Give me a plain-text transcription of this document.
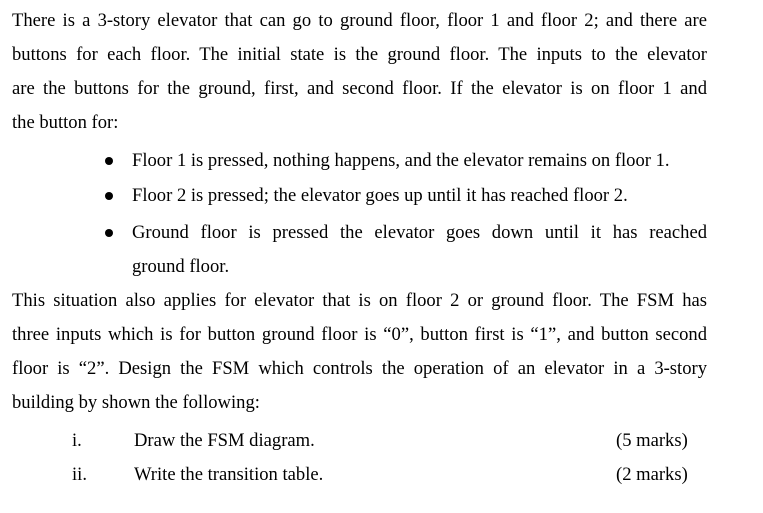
There is a 3-story elevator that can go to ground floor, floor 1 and floor 2; and there are
buttons for each floor. The initial state is the ground floor. The inputs to the elevator
are the buttons for the ground, first, and second floor. If the elevator is on floor 1 and
the button for:
Floor 1 is pressed, nothing happens, and the elevator remains on floor 1.
Floor 2 is pressed; the elevator goes up until it has reached floor 2.
Ground floor is pressed the elevator goes down until it has reached
ground floor.
This situation also applies for elevator that is on floor 2 or ground floor. The FSM has
three inputs which is for button ground floor is “0”, button first is “1”, and button second
floor is “2”. Design the FSM which controls the operation of an elevator in a 3-story
building by shown the following:
i.	Draw the FSM diagram.	(5 marks)
ii.	Write the transition table.	(2 marks)
